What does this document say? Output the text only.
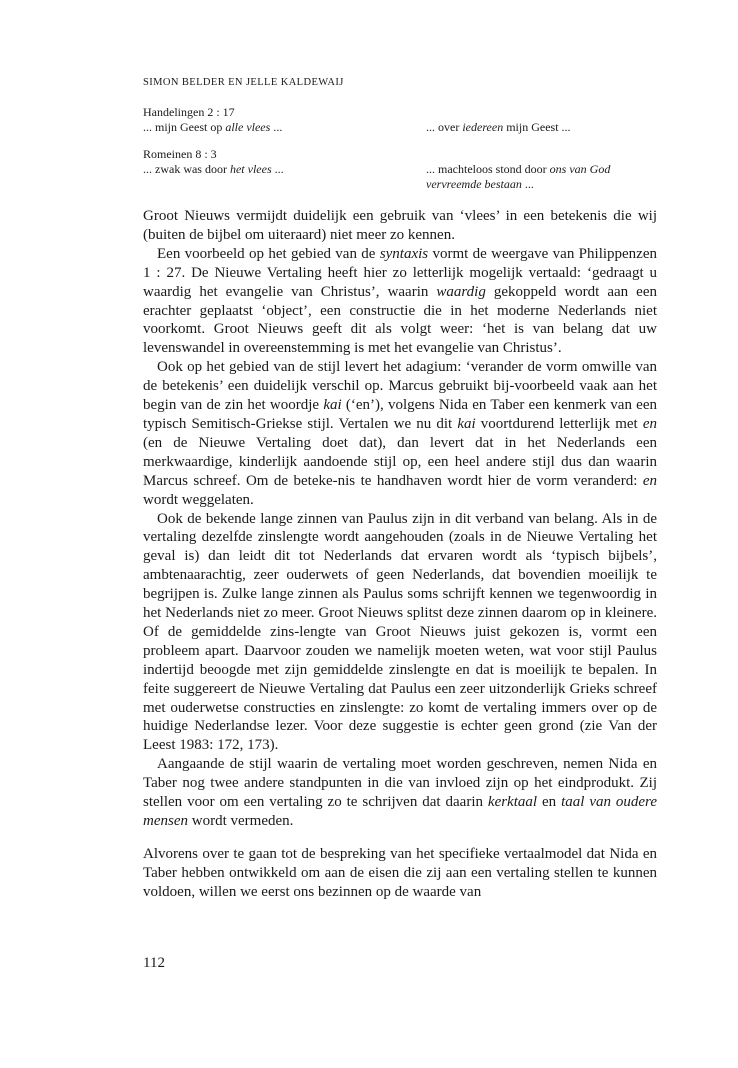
SIMON BELDER EN JELLE KALDEWAIJ

Handelingen 2 : 17

... mijn Geest op alle vlees ...	... over iedereen mijn Geest ...

Romeinen 8 : 3

... zwak was door het vlees ...	... machteloos stond door ons van God vervreemde bestaan ...

Groot Nieuws vermijdt duidelijk een gebruik van ‘vlees’ in een betekenis die wij (buiten de bijbel om uiteraard) niet meer zo kennen.

Een voorbeeld op het gebied van de syntaxis vormt de weergave van Philippenzen 1 : 27. De Nieuwe Vertaling heeft hier zo letterlijk mogelijk vertaald: ‘gedraagt u waardig het evangelie van Christus’, waarin waardig gekoppeld wordt aan een erachter geplaatst ‘object’, een constructie die in het moderne Nederlands niet voorkomt. Groot Nieuws geeft dit als volgt weer: ‘het is van belang dat uw levenswandel in overeenstemming is met het evangelie van Christus’.

Ook op het gebied van de stijl levert het adagium: ‘verander de vorm omwille van de betekenis’ een duidelijk verschil op. Marcus gebruikt bij-voorbeeld vaak aan het begin van de zin het woordje kai (‘en’), volgens Nida en Taber een kenmerk van een typisch Semitisch-Griekse stijl. Vertalen we nu dit kai voortdurend letterlijk met en (en de Nieuwe Vertaling doet dat), dan levert dat in het Nederlands een merkwaardige, kinderlijk aandoende stijl op, een heel andere stijl dus dan waarin Marcus schreef. Om de beteke-nis te handhaven wordt hier de vorm veranderd: en wordt weggelaten.

Ook de bekende lange zinnen van Paulus zijn in dit verband van belang. Als in de vertaling dezelfde zinslengte wordt aangehouden (zoals in de Nieuwe Vertaling het geval is) dan leidt dit tot Nederlands dat ervaren wordt als ‘typisch bijbels’, ambtenaarachtig, zeer ouderwets of geen Nederlands, dat bovendien moeilijk te begrijpen is. Zulke lange zinnen als Paulus soms schrijft kennen we tegenwoordig in het Nederlands niet zo meer. Groot Nieuws splitst deze zinnen daarom op in kleinere. Of de gemiddelde zins-lengte van Groot Nieuws juist gekozen is, vormt een probleem apart. Daarvoor zouden we namelijk moeten weten, wat voor stijl Paulus indertijd beoogde met zijn gemiddelde zinslengte en dat is moeilijk te bepalen. In feite suggereert de Nieuwe Vertaling dat Paulus een zeer uitzonderlijk Grieks schreef met ouderwetse constructies en zinslengte: zo komt de vertaling immers over op de huidige Nederlandse lezer. Voor deze suggestie is echter geen grond (zie Van der Leest 1983: 172, 173).

Aangaande de stijl waarin de vertaling moet worden geschreven, nemen Nida en Taber nog twee andere standpunten in die van invloed zijn op het eindprodukt. Zij stellen voor om een vertaling zo te schrijven dat daarin kerktaal en taal van oudere mensen wordt vermeden.

Alvorens over te gaan tot de bespreking van het specifieke vertaalmodel dat Nida en Taber hebben ontwikkeld om aan de eisen die zij aan een vertaling stellen te kunnen voldoen, willen we eerst ons bezinnen op de waarde van

112
